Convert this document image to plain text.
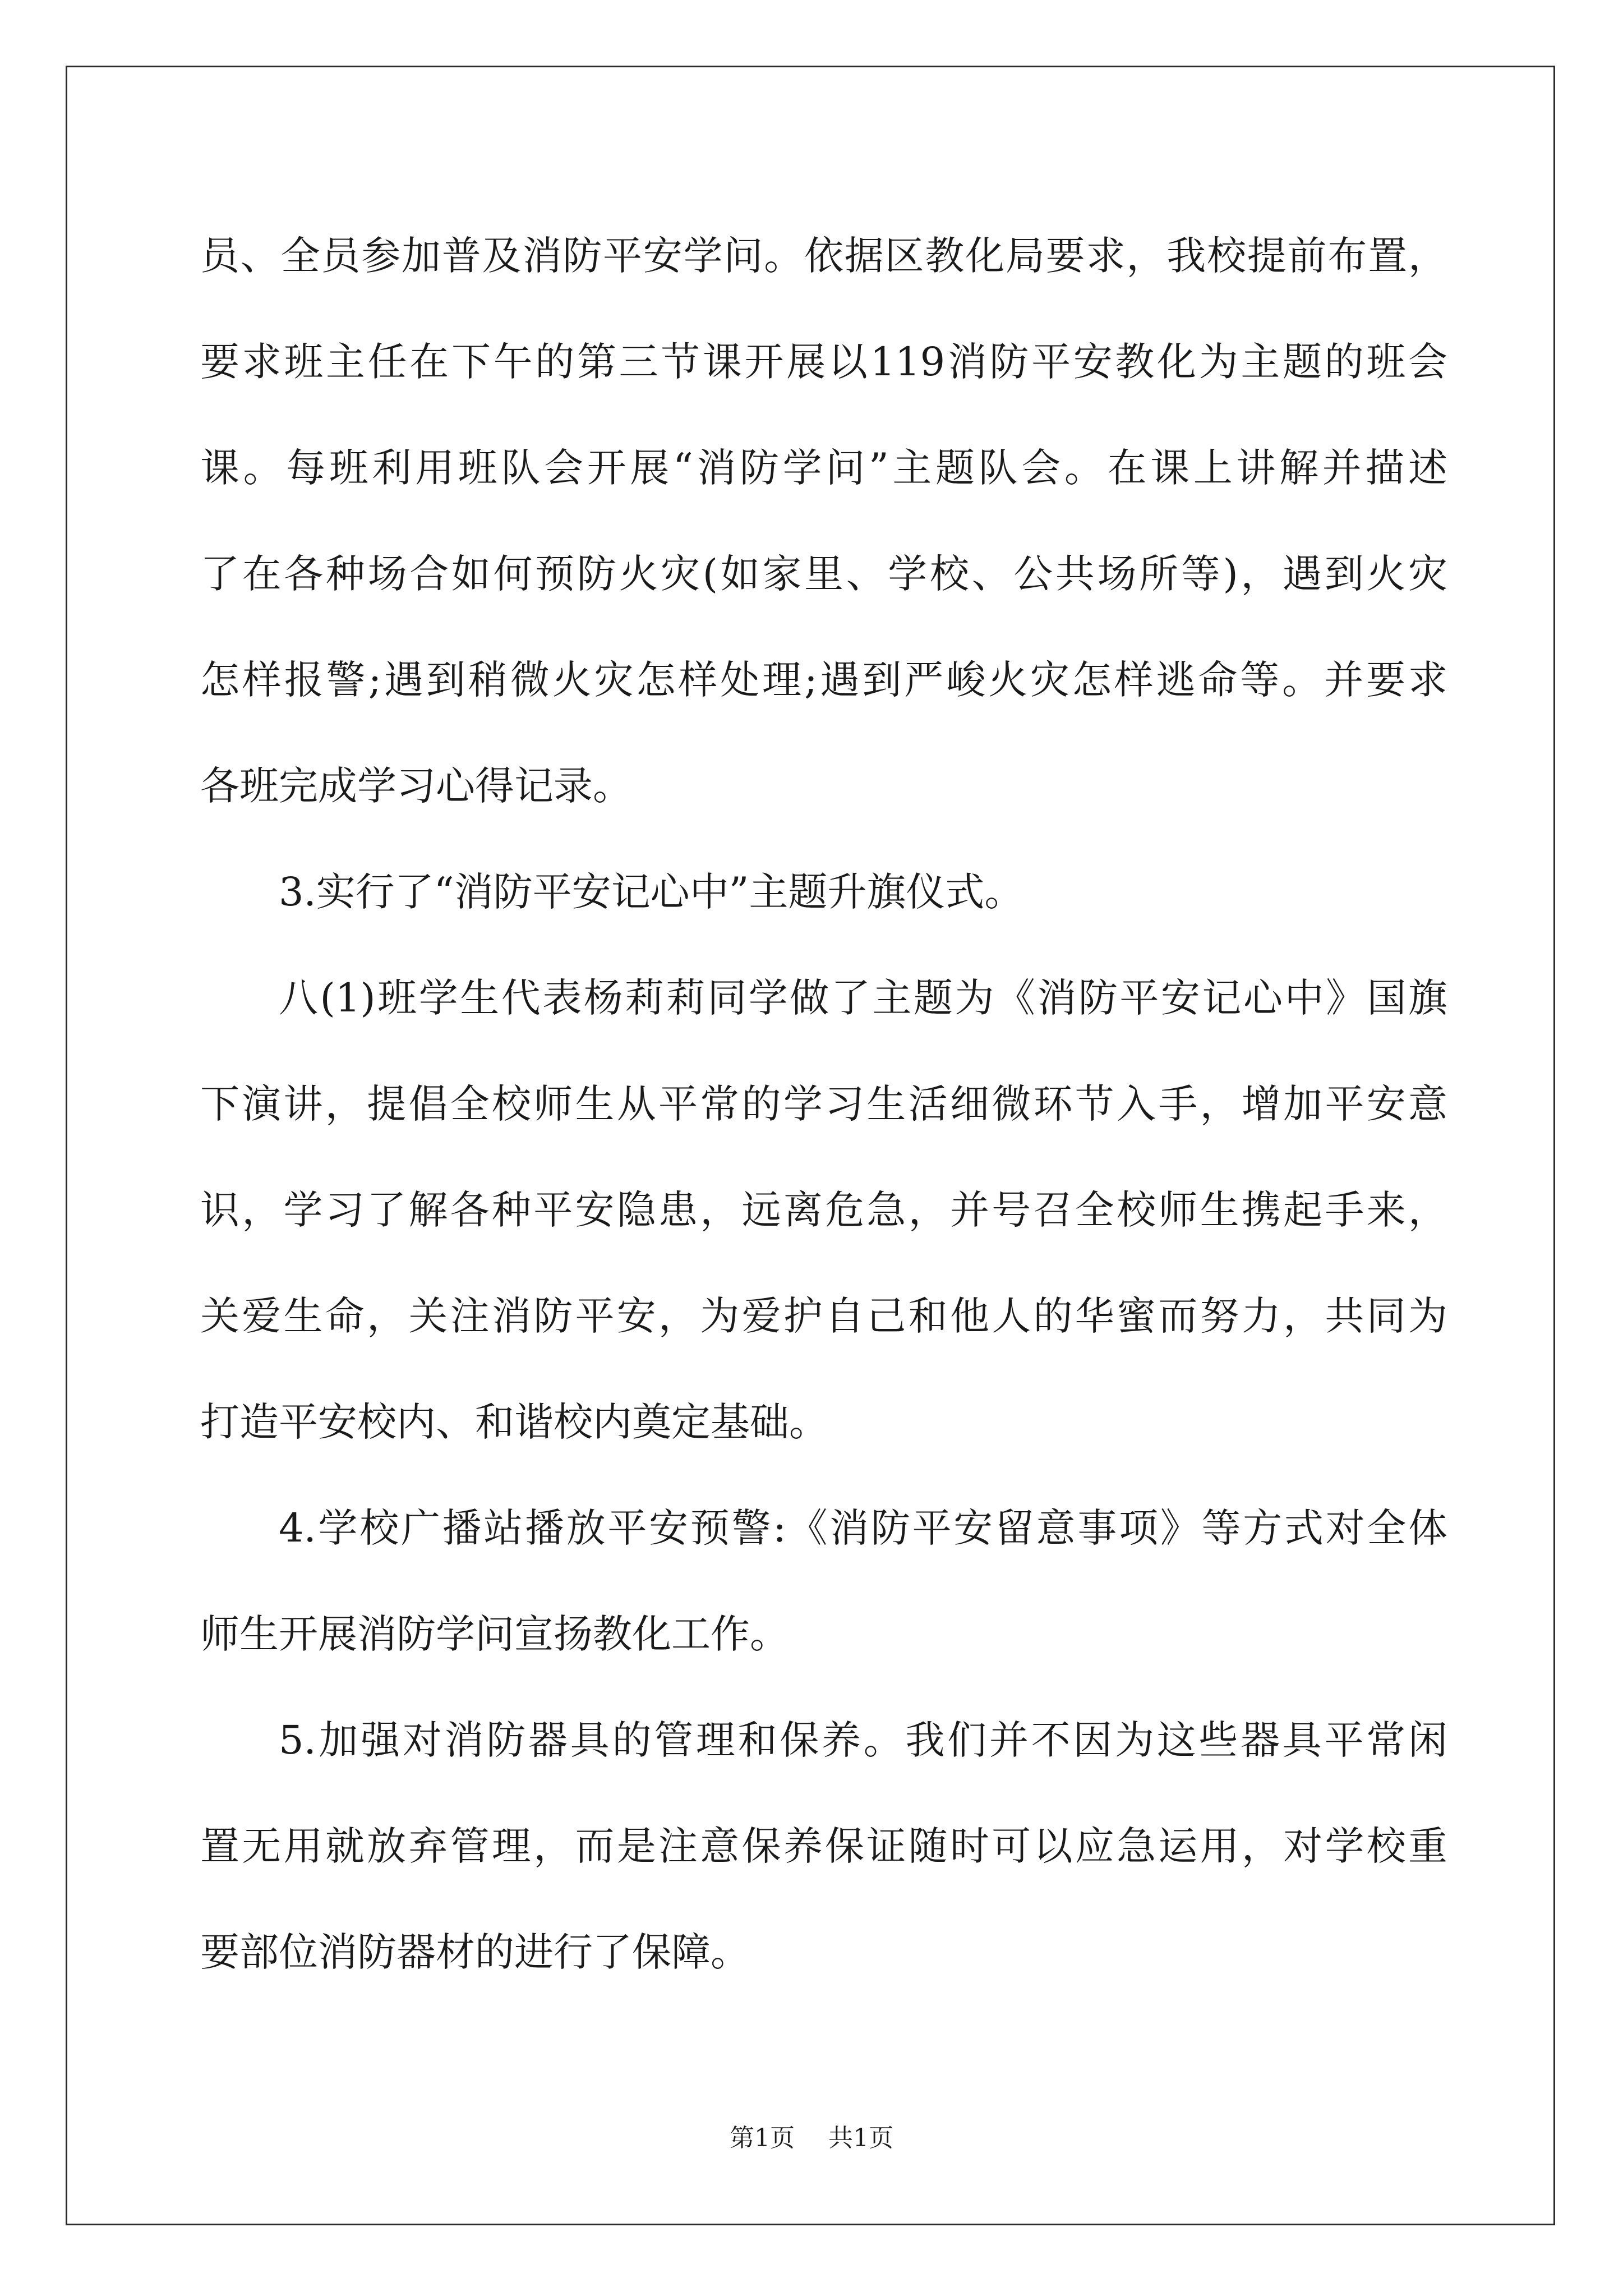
员、全员参加普及消防平安学问。依据区教化局要求，我校提前布置，
要求班主任在下午的第三节课开展以119消防平安教化为主题的班会
课。每班利用班队会开展“消防学问”主题队会。在课上讲解并描述
了在各种场合如何预防火灾(如家里、学校、公共场所等)，遇到火灾
怎样报警;遇到稍微火灾怎样处理;遇到严峻火灾怎样逃命等。并要求
各班完成学习心得记录。
3.实行了“消防平安记心中”主题升旗仪式。
八(1)班学生代表杨莉莉同学做了主题为《消防平安记心中》国旗
下演讲，提倡全校师生从平常的学习生活细微环节入手，增加平安意
识，学习了解各种平安隐患，远离危急，并号召全校师生携起手来，
关爱生命，关注消防平安，为爱护自己和他人的华蜜而努力，共同为
打造平安校内、和谐校内奠定基础。
4.学校广播站播放平安预警:《消防平安留意事项》等方式对全体
师生开展消防学问宣扬教化工作。
5.加强对消防器具的管理和保养。我们并不因为这些器具平常闲
置无用就放弃管理，而是注意保养保证随时可以应急运用，对学校重
要部位消防器材的进行了保障。
第1页 共1页
